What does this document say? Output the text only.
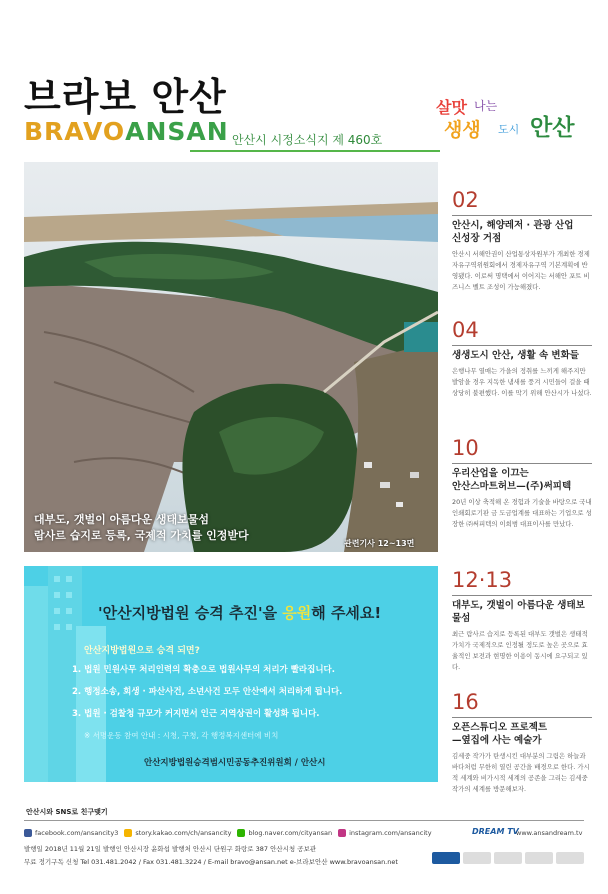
브라보 안산
BRAVOANSAN 안산시 시정소식지 제 460호
살맛 나는
생생 도시 안산
대부도, 갯벌이 아름다운 생태보물섬
람사르 습지로 등록, 국제적 가치를 인정받다
관련기사 12~13면
02
안산시, 해양레저 · 관광 산업
신성장 거점
안산시 서해안권이 산업통상자원부가 개최한 경제자유구역위원회에서 경제자유구역 기본계획에 반영됐다. 이로써 명택에서 이어지는 서해안 포트 비즈니스 벨트 조성이 가능해졌다.
04
생생도시 안산, 생활 속 변화들
은행나무 열매는 가을의 정취를 느끼게 해주지만 발암을 경우 지독한 냄새를 풍겨 시민들이 걸을 때 상당히 불편했다. 이를 막기 위해 안산시가 나섰다.
10
우리산업을 이끄는
안산스마트허브—(주)써피텍
20년 이상 축적해 온 경험과 기술을 바탕으로 국내 인쇄회로기판 금 도금업계를 대표하는 기업으로 성장한 ㈜써피텍의 이희범 대표이사를 만났다.
12·13
대부도, 갯벌이 아름다운 생태보물섬
최근 람사르 습지로 등록된 대부도 갯벌은 생태적 가치가 국제적으로 인정될 정도로 높은 곳으로 효율적인 보전과 현명한 이용이 동시에 요구되고 있다.
16
오픈스튜디오 프로젝트
—옆집에 사는 예술가
김세중 작가가 탄생시킨 대부분의 그림은 하늘과 바다처럼 무한히 열린 공간을 배경으로 한다. 가시적 세계와 비가시적 세계의 공존을 그리는 김세중 작가의 세계를 방문해보자.
'안산지방법원 승격 추진'을 응원해 주세요!
안산지방법원으로 승격 되면?
1. 법원 민원사무 처리인력의 확충으로 법원사무의 처리가 빨라집니다.
2. 행정소송, 회생 · 파산사건, 소년사건 모두 안산에서 처리하게 됩니다.
3. 법원 · 검찰청 규모가 커지면서 인근 지역상권이 활성화 됩니다.
※ 서명운동 참여 안내 : 시청, 구청, 각 행정복지센터에 비치
안산지방법원승격범시민공동추진위원회 / 안산시
안산시와 SNS로 친구맺기
facebook.com/ansancity3	story.kakao.com/ch/ansancity	blog.naver.com/cityansan	instagram.com/ansancity	DREAM TV
www.ansandream.tv
발행일 2018년 11월 21일 발행인 안산시장 윤화섭 발행처 안산시 단원구 화랑로 387 안산시청 공보관
무료 정기구독 신청 Tel 031.481.2042 / Fax 031.481.3224 / E-mail bravo@ansan.net e-브라보안산 www.bravoansan.net
